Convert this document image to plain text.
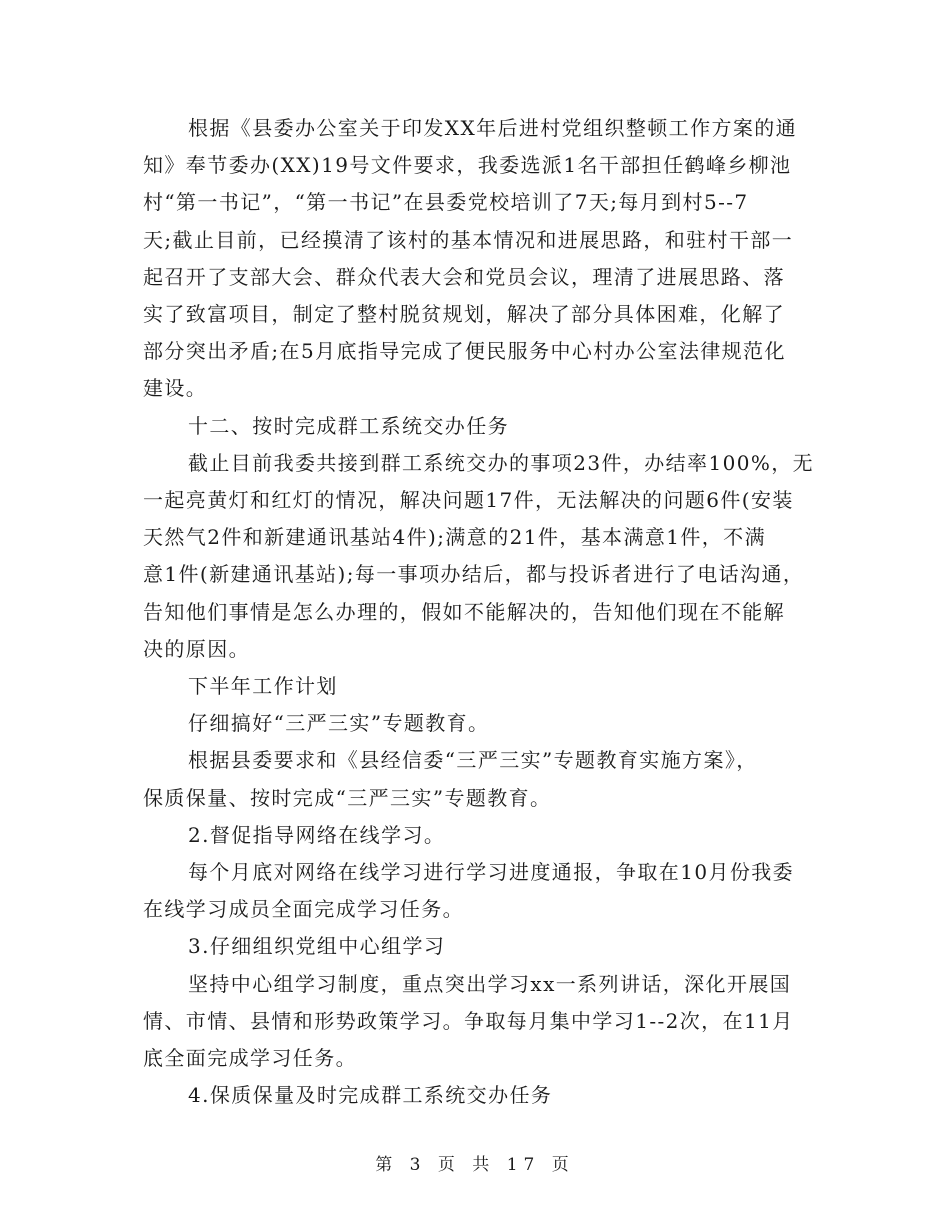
根据《县委办公室关于印发XX年后进村党组织整顿工作方案的通
知》奉节委办(XX)19号文件要求，我委选派1名干部担任鹤峰乡柳池
村“第一书记”，“第一书记”在县委党校培训了7天;每月到村5--7
天;截止目前，已经摸清了该村的基本情况和进展思路，和驻村干部一
起召开了支部大会、群众代表大会和党员会议，理清了进展思路、落
实了致富项目，制定了整村脱贫规划，解决了部分具体困难，化解了
部分突出矛盾;在5月底指导完成了便民服务中心村办公室法律规范化
建设。
十二、按时完成群工系统交办任务
截止目前我委共接到群工系统交办的事项23件，办结率100%，无
一起亮黄灯和红灯的情况，解决问题17件，无法解决的问题6件(安装
天然气2件和新建通讯基站4件);满意的21件，基本满意1件，不满
意1件(新建通讯基站);每一事项办结后，都与投诉者进行了电话沟通，
告知他们事情是怎么办理的，假如不能解决的，告知他们现在不能解
决的原因。
下半年工作计划
仔细搞好“三严三实”专题教育。
根据县委要求和《县经信委“三严三实”专题教育实施方案》，
保质保量、按时完成“三严三实”专题教育。
2.督促指导网络在线学习。
每个月底对网络在线学习进行学习进度通报，争取在10月份我委
在线学习成员全面完成学习任务。
3.仔细组织党组中心组学习
坚持中心组学习制度，重点突出学习xx一系列讲话，深化开展国
情、市情、县情和形势政策学习。争取每月集中学习1--2次，在11月
底全面完成学习任务。
4.保质保量及时完成群工系统交办任务
第 3 页 共 17 页
